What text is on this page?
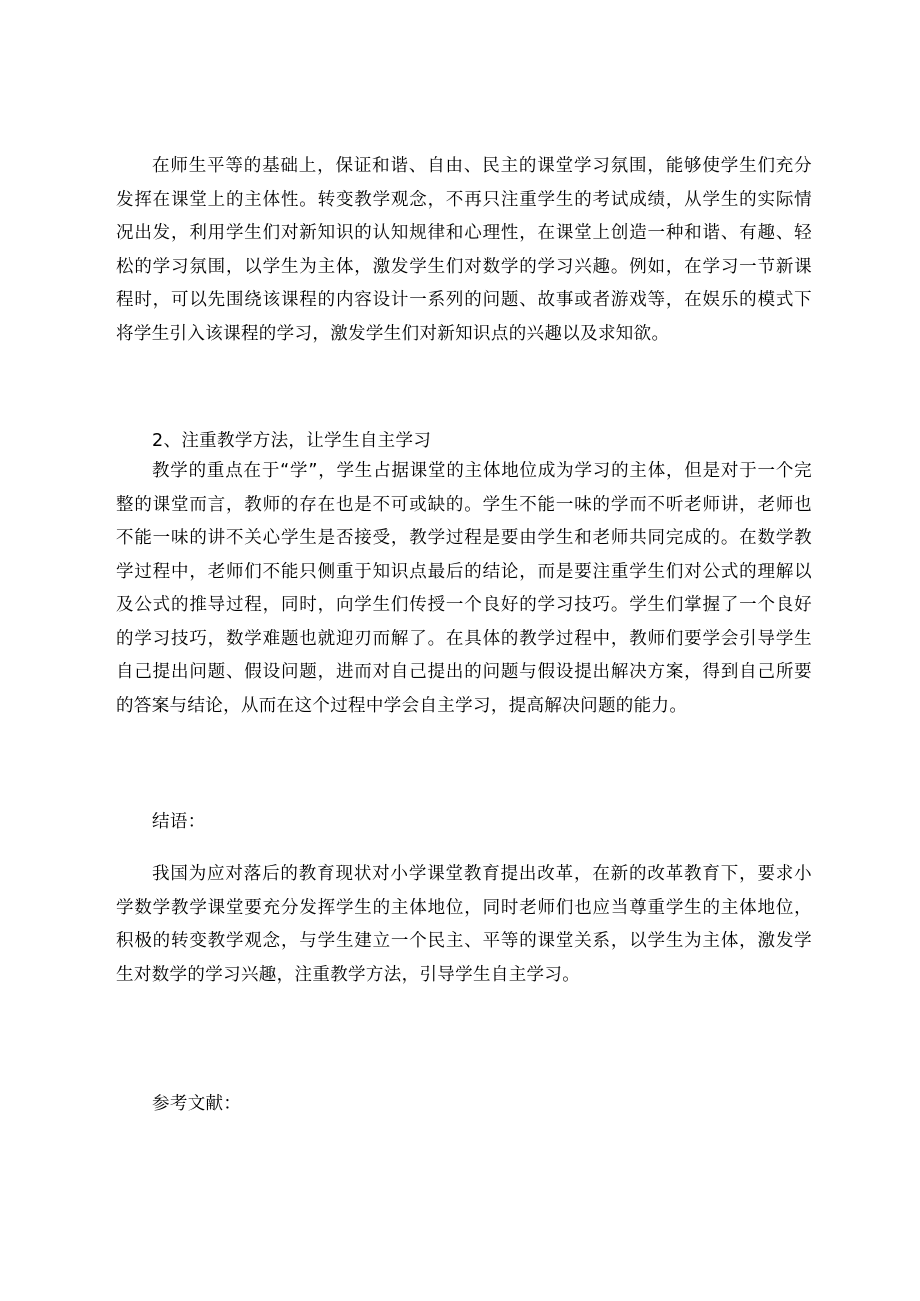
在师生平等的基础上，保证和谐、自由、民主的课堂学习氛围，能够使学生们充分发挥在课堂上的主体性。转变教学观念，不再只注重学生的考试成绩，从学生的实际情况出发，利用学生们对新知识的认知规律和心理性，在课堂上创造一种和谐、有趣、轻松的学习氛围，以学生为主体，激发学生们对数学的学习兴趣。例如，在学习一节新课程时，可以先围绕该课程的内容设计一系列的问题、故事或者游戏等，在娱乐的模式下将学生引入该课程的学习，激发学生们对新知识点的兴趣以及求知欲。

2、注重教学方法，让学生自主学习

教学的重点在于“学”，学生占据课堂的主体地位成为学习的主体，但是对于一个完整的课堂而言，教师的存在也是不可或缺的。学生不能一味的学而不听老师讲，老师也不能一味的讲不关心学生是否接受，教学过程是要由学生和老师共同完成的。在数学教学过程中，老师们不能只侧重于知识点最后的结论，而是要注重学生们对公式的理解以及公式的推导过程，同时，向学生们传授一个良好的学习技巧。学生们掌握了一个良好的学习技巧，数学难题也就迎刃而解了。在具体的教学过程中，教师们要学会引导学生自己提出问题、假设问题，进而对自己提出的问题与假设提出解决方案，得到自己所要的答案与结论，从而在这个过程中学会自主学习，提高解决问题的能力。

结语：

我国为应对落后的教育现状对小学课堂教育提出改革，在新的改革教育下，要求小学数学教学课堂要充分发挥学生的主体地位，同时老师们也应当尊重学生的主体地位，积极的转变教学观念，与学生建立一个民主、平等的课堂关系，以学生为主体，激发学生对数学的学习兴趣，注重教学方法，引导学生自主学习。

参考文献：
